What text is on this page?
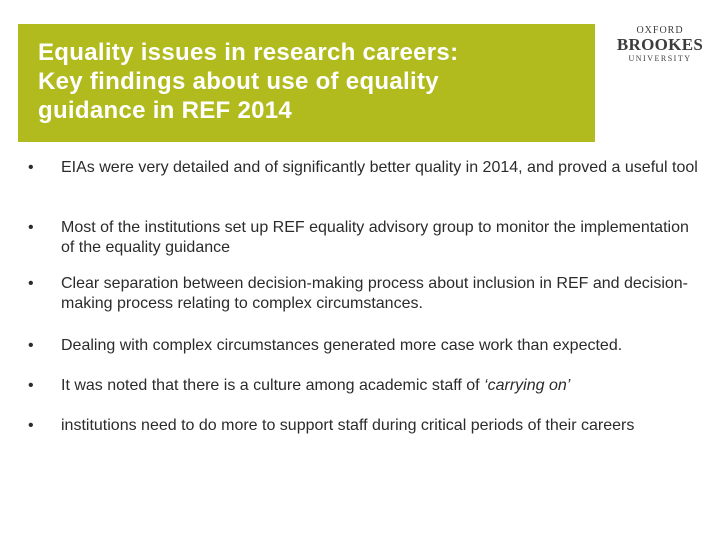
Equality issues in research careers:
Key findings about use of equality
guidance in REF 2014
OXFORD
BROOKES
UNIVERSITY
• EIAs were very detailed and of significantly better quality in 2014, and proved a useful tool
• Most of the institutions set up REF equality advisory group to monitor the implementation of the equality guidance
• Clear separation between decision-making process about inclusion in REF and decision-making process relating to complex circumstances.
• Dealing with complex circumstances generated more case work than expected.
• It was noted that there is a culture among academic staff of ‘carrying on’
• institutions need to do more to support staff during critical periods of their careers
